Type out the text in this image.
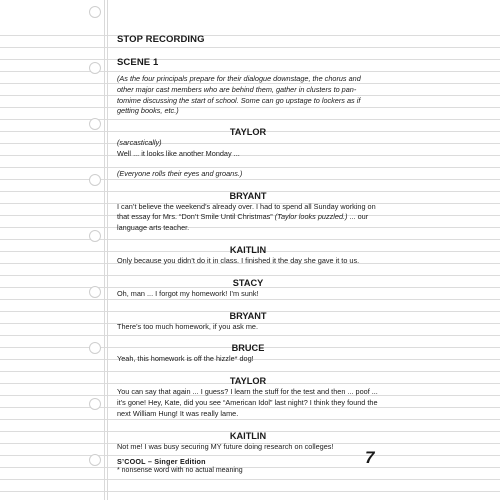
STOP RECORDING

SCENE 1

(As the four principals prepare for their dialogue downstage, the chorus and other major cast members who are behind them, gather in clusters to pan-tomime discussing the start of school. Some can go upstage to lockers as if getting books, etc.)

TAYLOR

(sarcastically)

Well ... it looks like another Monday ...

(Everyone rolls their eyes and groans.)

BRYANT

I can’t believe the weekend’s already over. I had to spend all Sunday working on that essay for Mrs. “Don’t Smile Until Christmas” (Taylor looks puzzled.) ... our language arts teacher.

KAITLIN

Only because you didn’t do it in class. I finished it the day she gave it to us.

STACY

Oh, man ... I forgot my homework! I’m sunk!

BRYANT

There’s too much homework, if you ask me.

BRUCE

Yeah, this homework is off the hizzle* dog!

TAYLOR

You can say that again ... I guess? I learn the stuff for the test and then ... poof ... it’s gone! Hey, Kate, did you see “American Idol” last night? I think they found the next William Hung! It was really lame.

KAITLIN

Not me! I was busy securing MY future doing research on colleges!

* nonsense word with no actual meaning

S’COOL – Singer Edition	7
